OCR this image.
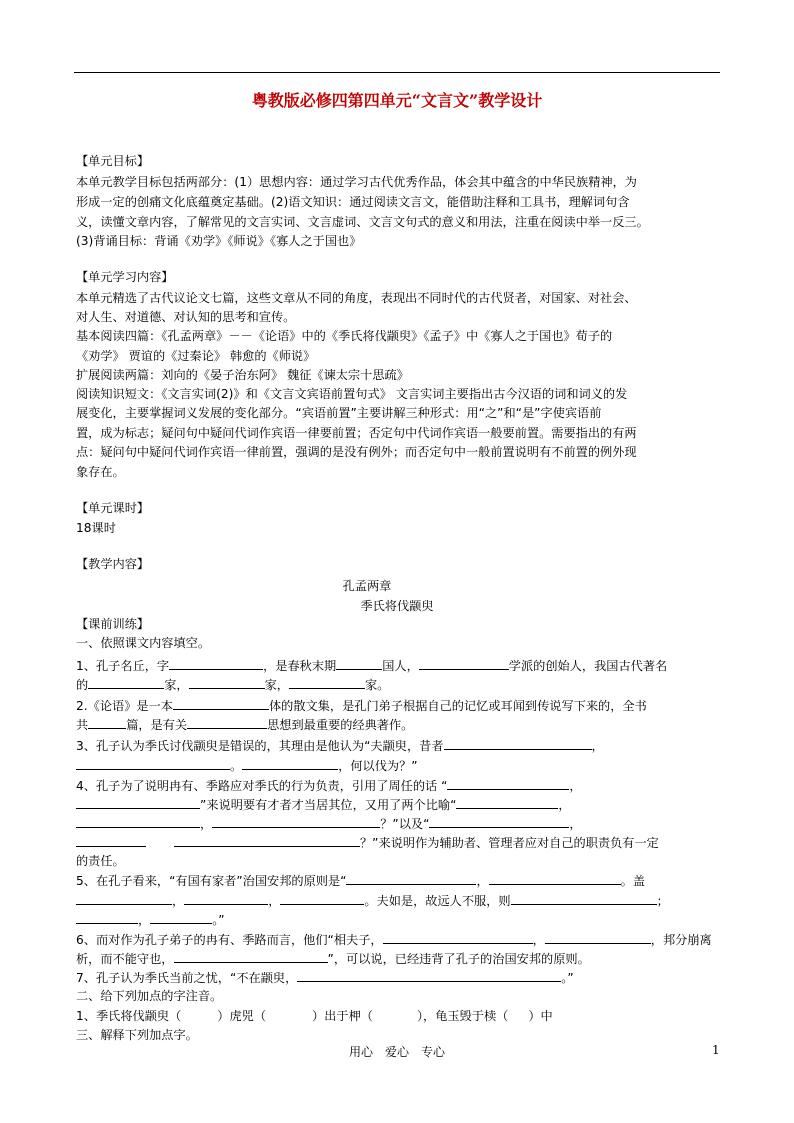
粤教版必修四第四单元“文言文”教学设计
【单元目标】
本单元教学目标包括两部分：(1）思想内容：通过学习古代优秀作品，体会其中蕴含的中华民族精神，为
形成一定的创痛文化底蕴奠定基础。(2)语文知识：通过阅读文言文，能借助注释和工具书，理解词句含
义，读懂文章内容，了解常见的文言实词、文言虚词、文言文句式的意义和用法，注重在阅读中举一反三。
(3)背诵目标：背诵《劝学》《师说》《寡人之于国也》
【单元学习内容】
本单元精选了古代议论文七篇，这些文章从不同的角度，表现出不同时代的古代贤者，对国家、对社会、
对人生、对道德、对认知的思考和宣传。
基本阅读四篇：《孔孟两章》－－《论语》中的《季氏将伐颛臾》《孟子》中《寡人之于国也》荀子的
《劝学》 贾谊的《过秦论》 韩愈的《师说》
扩展阅读两篇：刘向的《晏子治东阿》 魏征《谏太宗十思疏》
阅读知识短文：《文言实词(2)》和《文言文宾语前置句式》 文言实词主要指出古今汉语的词和词义的发
展变化，主要掌握词义发展的变化部分。“宾语前置”主要讲解三种形式：用“之”和“是”字使宾语前
置，成为标志；疑问句中疑问代词作宾语一律要前置；否定句中代词作宾语一般要前置。需要指出的有两
点：疑问句中疑问代词作宾语一律前置，强调的是没有例外；而否定句中一般前置说明有不前置的例外现
象存在。
【单元课时】
18课时
【教学内容】
孔孟两章
季氏将伐颛臾
【课前训练】
一、依照课文内容填空。
1、孔子名丘，字	，是春秋末期	国人，	学派的创始人，我国古代著名
的	家，	家，	家。
2.《论语》是一本	体的散文集，是孔门弟子根据自己的记忆或耳闻到传说写下来的，全书
共	篇，是有关	思想到最重要的经典著作。
3、孔子认为季氏讨伐颛臾是错误的，其理由是他认为“夫颛臾，昔者	，
。	，何以伐为？”
4、孔子为了说明冉有、季路应对季氏的行为负责，引用了周任的话 “	，
”来说明要有才者才当居其位，又用了两个比喻“	，
，	？”以及“	，
？”来说明作为辅助者、管理者应对自己的职责负有一定
的责任。
5、在孔子看来，“有国有家者”治国安邦的原则是“	，	。盖
，	，	。夫如是，故远人不服，则	；
，	。”
6、而对作为孔子弟子的冉有、季路而言，他们“相夫子，	，	，邦分崩离
析，而不能守也，	”，可以说，已经违背了孔子的治国安邦的原则。
7、孔子认为季氏当前之忧，“不在颛臾，	。”
二、给下列加点的字注音。
1、季氏将伐颛臾（	）虎兕（	）出于柙（	），龟玉毁于椟（ ）中
三、解释下列加点字。
用心　爱心　专心	1
